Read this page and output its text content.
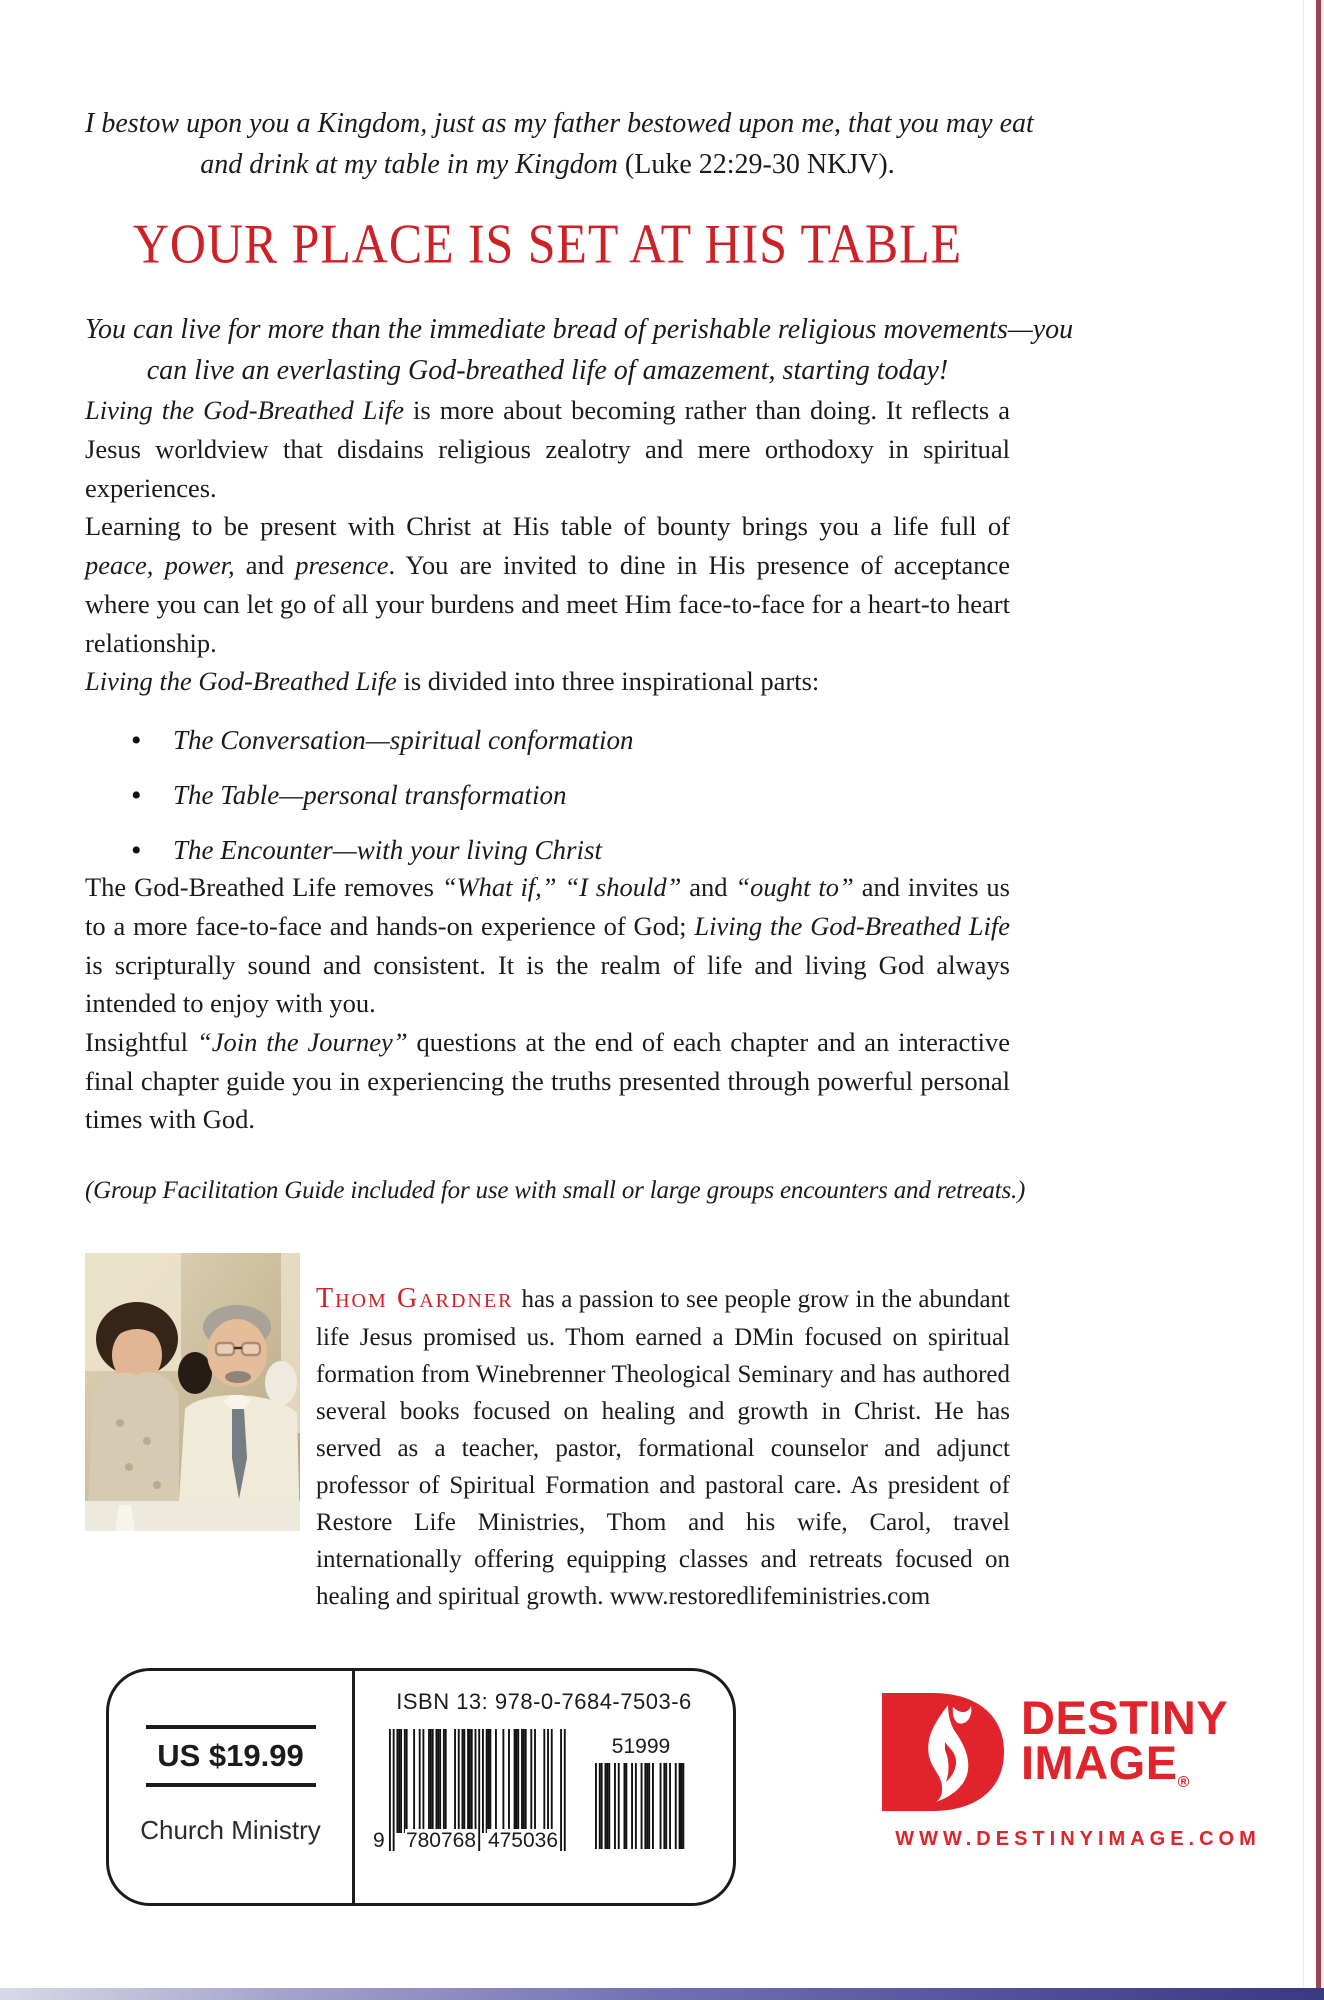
I bestow upon you a Kingdom, just as my father bestowed upon me, that you may eat
and drink at my table in my Kingdom (Luke 22:29-30 NKJV).
YOUR PLACE IS SET AT HIS TABLE
You can live for more than the immediate bread of perishable religious movements—you
can live an everlasting God-breathed life of amazement, starting today!

Living the God-Breathed Life is more about becoming rather than doing. It reflects a Jesus worldview that disdains religious zealotry and mere orthodoxy in spiritual experiences.

Learning to be present with Christ at His table of bounty brings you a life full of peace, power, and presence. You are invited to dine in His presence of acceptance where you can let go of all your burdens and meet Him face-to-face for a heart-to heart relationship.

Living the God-Breathed Life is divided into three inspirational parts:

• The Conversation—spiritual conformation
• The Table—personal transformation
• The Encounter—with your living Christ

The God-Breathed Life removes “What if,” “I should” and “ought to” and invites us to a more face-to-face and hands-on experience of God; Living the God-Breathed Life is scripturally sound and consistent. It is the realm of life and living God always intended to enjoy with you.

Insightful “Join the Journey” questions at the end of each chapter and an interactive final chapter guide you in experiencing the truths presented through powerful personal times with God.

(Group Facilitation Guide included for use with small or large groups encounters and retreats.)

Thom Gardner has a passion to see people grow in the abundant life Jesus promised us. Thom earned a DMin focused on spiritual formation from Winebrenner Theological Seminary and has authored several books focused on healing and growth in Christ. He has served as a teacher, pastor, formational counselor and adjunct professor of Spiritual Formation and pastoral care. As president of Restore Life Ministries, Thom and his wife, Carol, travel internationally offering equipping classes and retreats focused on healing and spiritual growth. www.restoredlifeministries.com

US $19.99
Church Ministry
ISBN 13: 978-0-7684-7503-6
9 780768 475036
51999
DESTINY
IMAGE®
WWW.DESTINYIMAGE.COM
